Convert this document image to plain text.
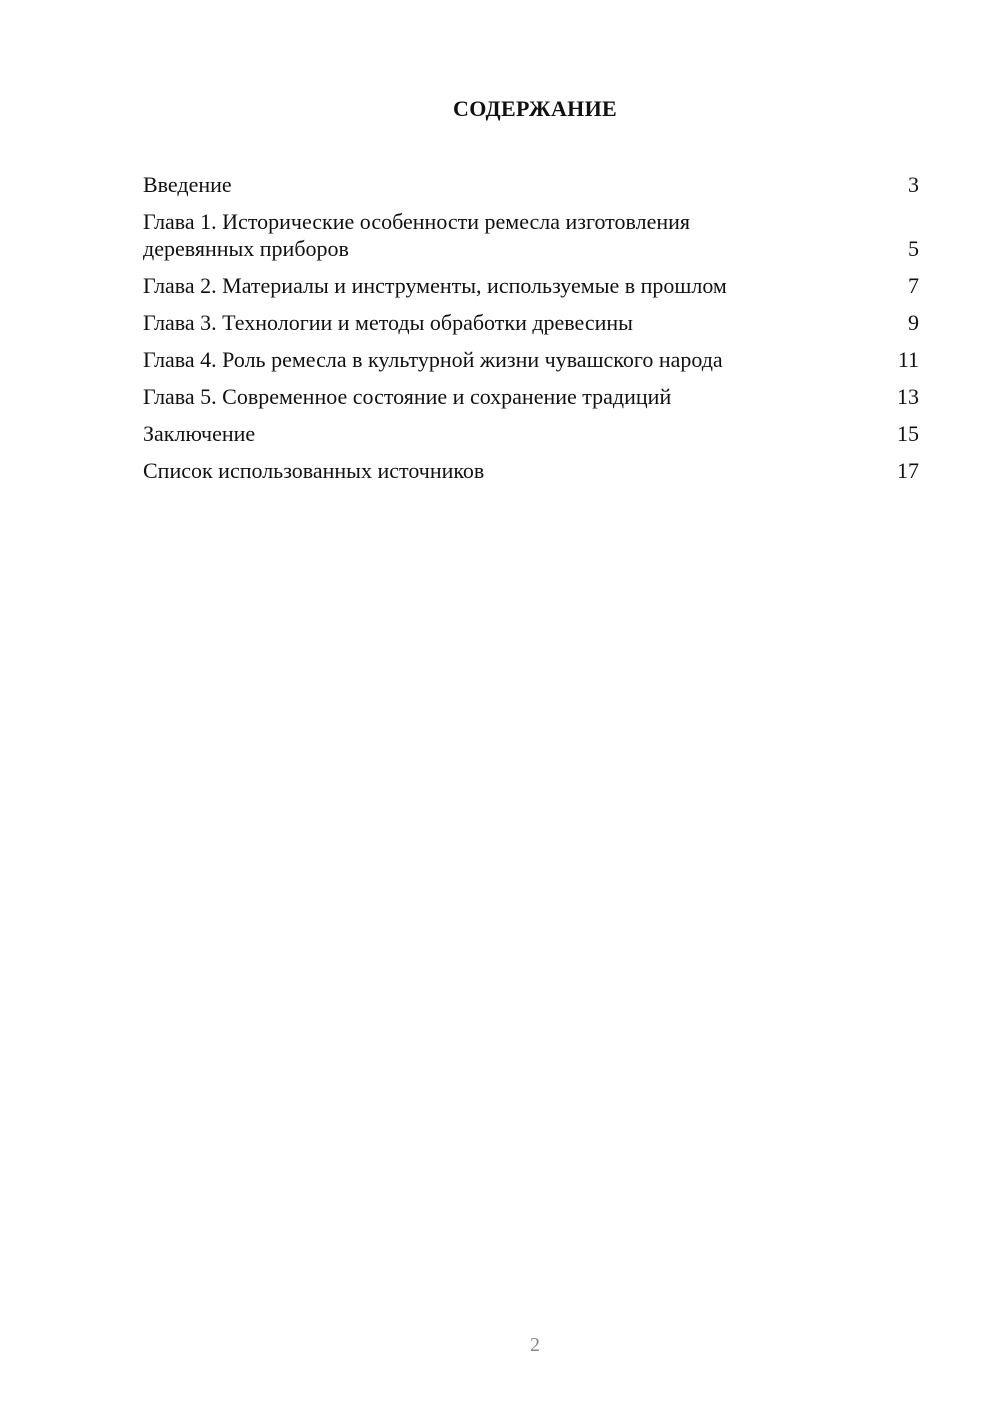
СОДЕРЖАНИЕ
Введение	3
Глава 1. Исторические особенности ремесла изготовления
деревянных приборов	5
Глава 2. Материалы и инструменты, используемые в прошлом	7
Глава 3. Технологии и методы обработки древесины	9
Глава 4. Роль ремесла в культурной жизни чувашского народа	11
Глава 5. Современное состояние и сохранение традиций	13
Заключение	15
Список использованных источников	17
2
